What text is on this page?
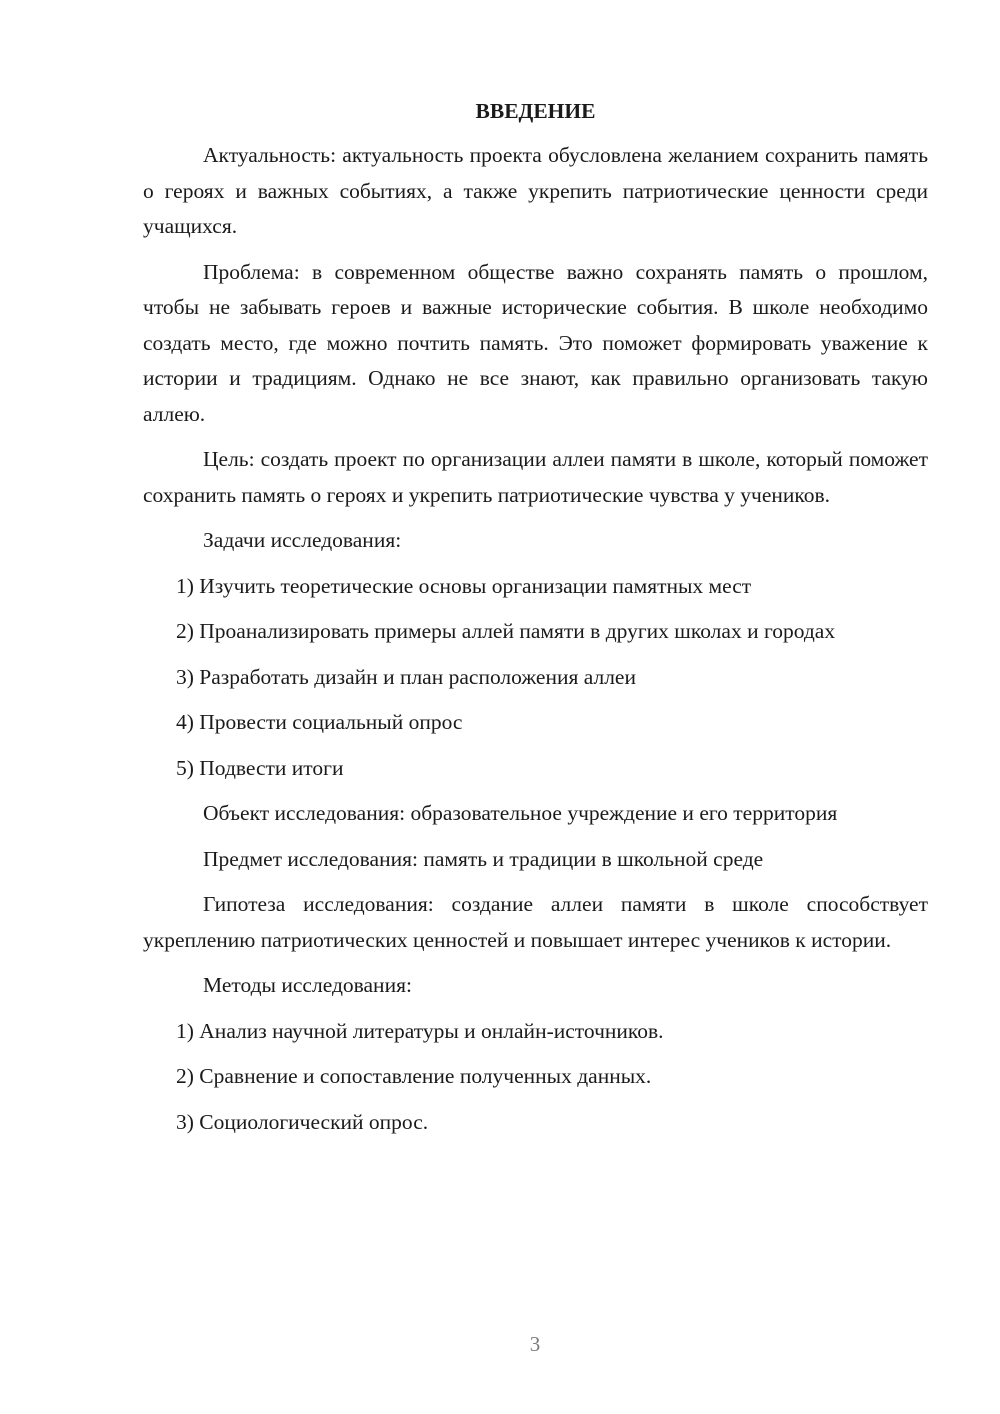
ВВЕДЕНИЕ

Актуальность: актуальность проекта обусловлена желанием сохранить память о героях и важных событиях, а также укрепить патриотические ценности среди учащихся.

Проблема: в современном обществе важно сохранять память о прошлом, чтобы не забывать героев и важные исторические события. В школе необходимо создать место, где можно почтить память. Это поможет формировать уважение к истории и традициям. Однако не все знают, как правильно организовать такую аллею.

Цель: создать проект по организации аллеи памяти в школе, который поможет сохранить память о героях и укрепить патриотические чувства у учеников.

Задачи исследования:

1) Изучить теоретические основы организации памятных мест

2) Проанализировать примеры аллей памяти в других школах и городах

3) Разработать дизайн и план расположения аллеи

4) Провести социальный опрос

5) Подвести итоги

Объект исследования: образовательное учреждение и его территория

Предмет исследования: память и традиции в школьной среде

Гипотеза исследования: создание аллеи памяти в школе способствует укреплению патриотических ценностей и повышает интерес учеников к истории.

Методы исследования:

1) Анализ научной литературы и онлайн-источников.

2) Сравнение и сопоставление полученных данных.

3) Социологический опрос.

3
